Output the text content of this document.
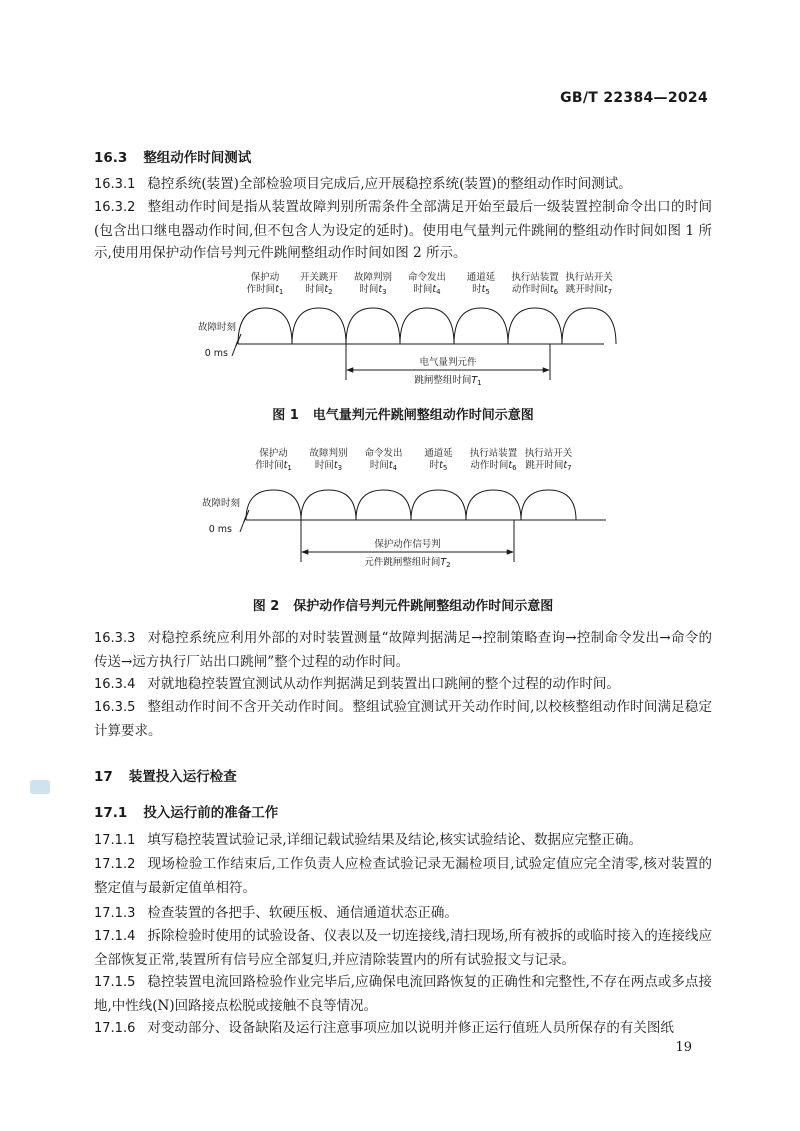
GB/T 22384—2024
16.3 整组动作时间测试
16.3.1 稳控系统(装置)全部检验项目完成后,应开展稳控系统(装置)的整组动作时间测试。
16.3.2 整组动作时间是指从装置故障判别所需条件全部满足开始至最后一级装置控制命令出口的时间(包含出口继电器动作时间,但不包含人为设定的延时)。使用电气量判元件跳闸的整组动作时间如图 1 所示,使用用保护动作信号判元件跳闸整组动作时间如图 2 所示。
故障时刻
0 ms
保护动
作时间$t_1$
开关跳开
时间$t_2$
故障判别
时间$t_3$
命令发出
时间$t_4$
通道延
时$t_5$
执行站装置
动作时间$t_6$
执行站开关
跳开时间$t_7$
电气量判元件
跳闸整组时间$T_1$
图 1 电气量判元件跳闸整组动作时间示意图
故障时刻
0 ms
保护动
作时间$t_1$
故障判别
时间$t_3$
命令发出
时间$t_4$
通道延
时$t_5$
执行站装置
动作时间$t_6$
执行站开关
跳开时间$t_7$
保护动作信号判
元件跳闸整组时间$T_2$
图 2 保护动作信号判元件跳闸整组动作时间示意图
16.3.3 对稳控系统应利用外部的对时装置测量“故障判据满足→控制策略查询→控制命令发出→命令的传送→远方执行厂站出口跳闸”整个过程的动作时间。
16.3.4 对就地稳控装置宜测试从动作判据满足到装置出口跳闸的整个过程的动作时间。
16.3.5 整组动作时间不含开关动作时间。整组试验宜测试开关动作时间,以校核整组动作时间满足稳定计算要求。
17 装置投入运行检查
17.1 投入运行前的准备工作
17.1.1 填写稳控装置试验记录,详细记载试验结果及结论,核实试验结论、数据应完整正确。
17.1.2 现场检验工作结束后,工作负责人应检查试验记录无漏检项目,试验定值应完全清零,核对装置的整定值与最新定值单相符。
17.1.3 检查装置的各把手、软硬压板、通信通道状态正确。
17.1.4 拆除检验时使用的试验设备、仪表以及一切连接线,清扫现场,所有被拆的或临时接入的连接线应全部恢复正常,装置所有信号应全部复归,并应清除装置内的所有试验报文与记录。
17.1.5 稳控装置电流回路检验作业完毕后,应确保电流回路恢复的正确性和完整性,不存在两点或多点接地,中性线(N)回路接点松脱或接触不良等情况。
17.1.6 对变动部分、设备缺陷及运行注意事项应加以说明并修正运行值班人员所保存的有关图纸
19
